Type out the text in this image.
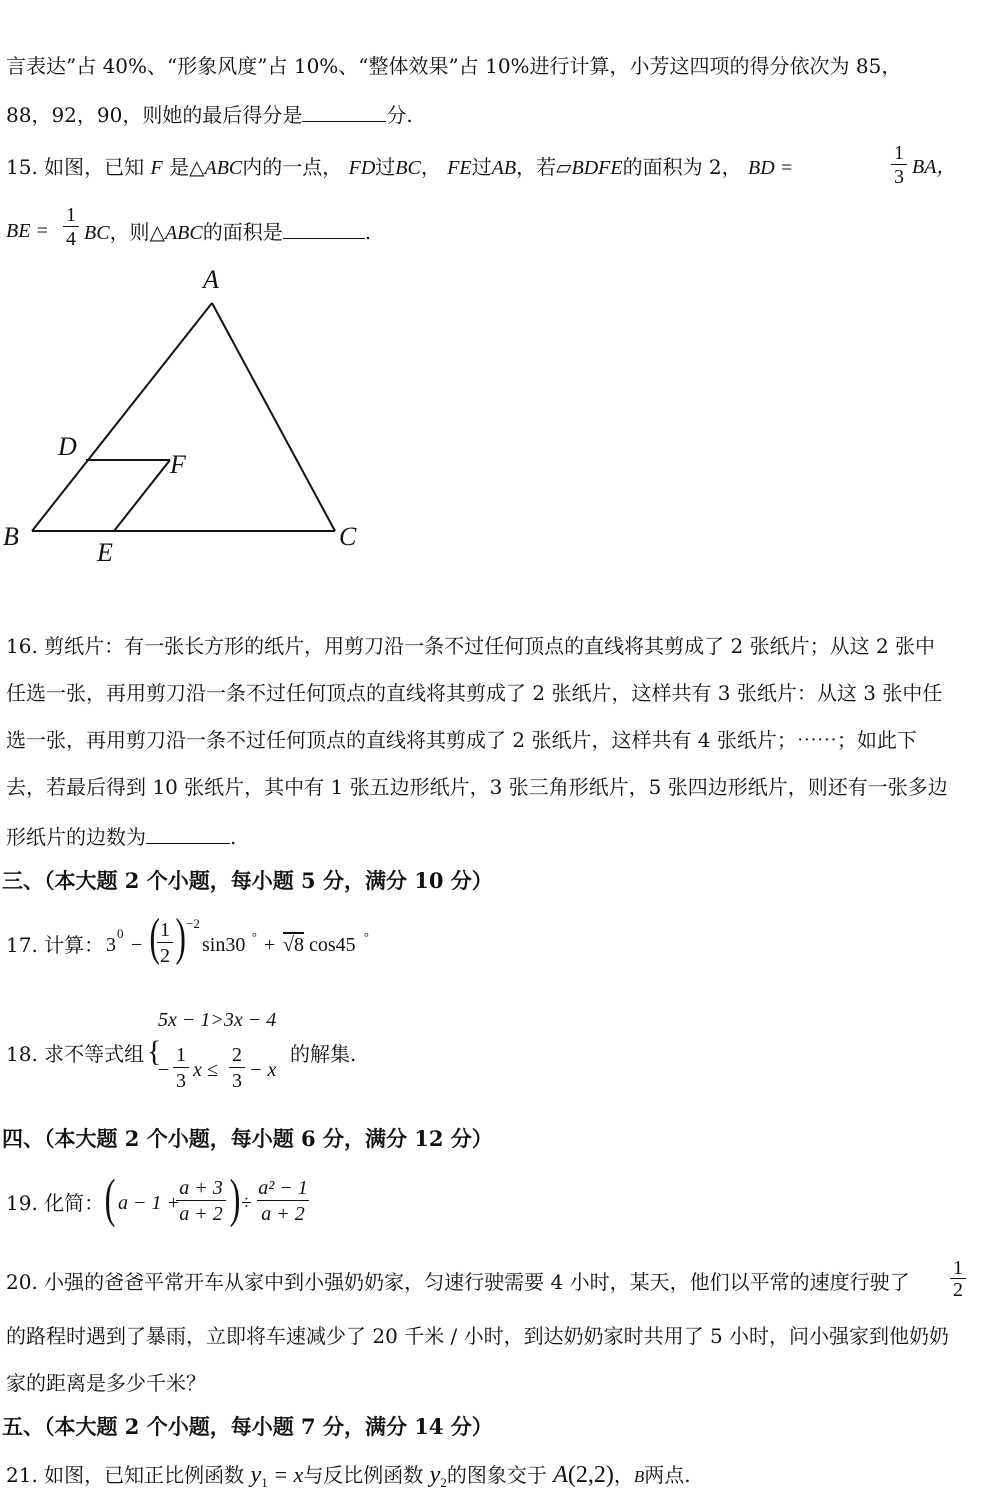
言表达”占 40%、“形象风度”占 10%、“整体效果”占 10%进行计算，小芳这四项的得分依次为 85，
88，92，90，则她的最后得分是	分.
15. 如图，已知 F 是△ABC内的一点， FD过BC， FE过AB，若▱BDFE的面积为 2， BD =	$\frac{1}{3}$ BA，
BE = $\frac{1}{4}$ BC，则△ABC的面积是	.
A
B	C
D
E
F
16. 剪纸片：有一张长方形的纸片，用剪刀沿一条不过任何顶点的直线将其剪成了 2 张纸片；从这 2 张中
任选一张，再用剪刀沿一条不过任何顶点的直线将其剪成了 2 张纸片，这样共有 3 张纸片：从这 3 张中任
选一张，再用剪刀沿一条不过任何顶点的直线将其剪成了 2 张纸片，这样共有 4 张纸片；⋯⋯；如此下
去，若最后得到 10 张纸片，其中有 1 张五边形纸片，3 张三角形纸片，5 张四边形纸片，则还有一张多边
形纸片的边数为	.
三、（本大题 2 个小题，每小题 5 分，满分 10 分）
17. 计算： 3
0
− (
$\frac{1}{2}$ ) −2
sin30 ° + √8 cos45 °
5x − 1>3x − 4
18. 求不等式组 {
− $\frac{1}{3}$ $x \le \frac{2}{3} - x$
的解集.
四、（本大题 2 个小题，每小题 6 分，满分 12 分）
19. 化简： ( a − 1 +
$\frac{a + 3}{a + 2}$ ) ÷ $\frac{\text{a² − 1}}{a + 2}$
20. 小强的爸爸平常开车从家中到小强奶奶家，匀速行驶需要 4 小时，某天，他们以平常的速度行驶了 $\frac{1}{2}$
的路程时遇到了暴雨，立即将车速减少了 20 千米 / 小时，到达奶奶家时共用了 5 小时，问小强家到他奶奶
家的距离是多少千米？
五、（本大题 2 个小题，每小题 7 分，满分 14 分）
21. 如图，已知正比例函数 $y_1 = x$与反比例函数 $y_2$的图象交于 A(2,2)，B两点.
